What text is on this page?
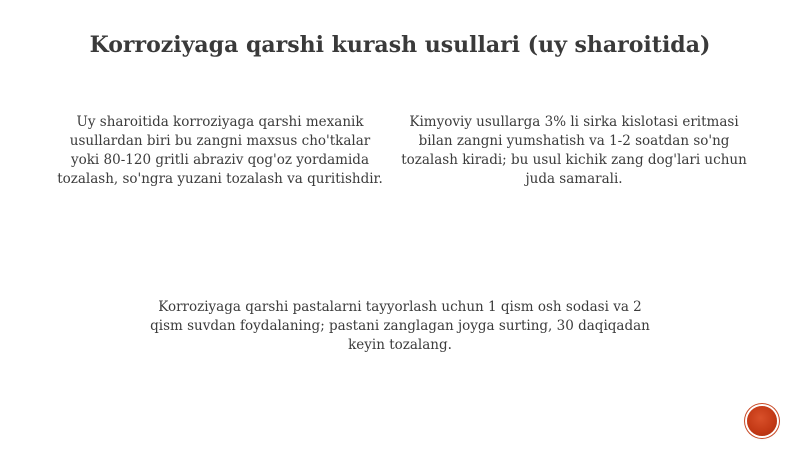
Korroziyaga qarshi kurash usullari (uy sharoitida)

Uy sharoitida korroziyaga qarshi mexanik usullardan biri bu zangni maxsus cho'tkalar yoki 80-120 gritli abraziv qog'oz yordamida tozalash, so'ngra yuzani tozalash va quritishdir.

Kimyoviy usullarga 3% li sirka kislotasi eritmasi bilan zangni yumshatish va 1-2 soatdan so'ng tozalash kiradi; bu usul kichik zang dog'lari uchun juda samarali.

Korroziyaga qarshi pastalarni tayyorlash uchun 1 qism osh sodasi va 2 qism suvdan foydalaning; pastani zanglagan joyga surting, 30 daqiqadan keyin tozalang.
